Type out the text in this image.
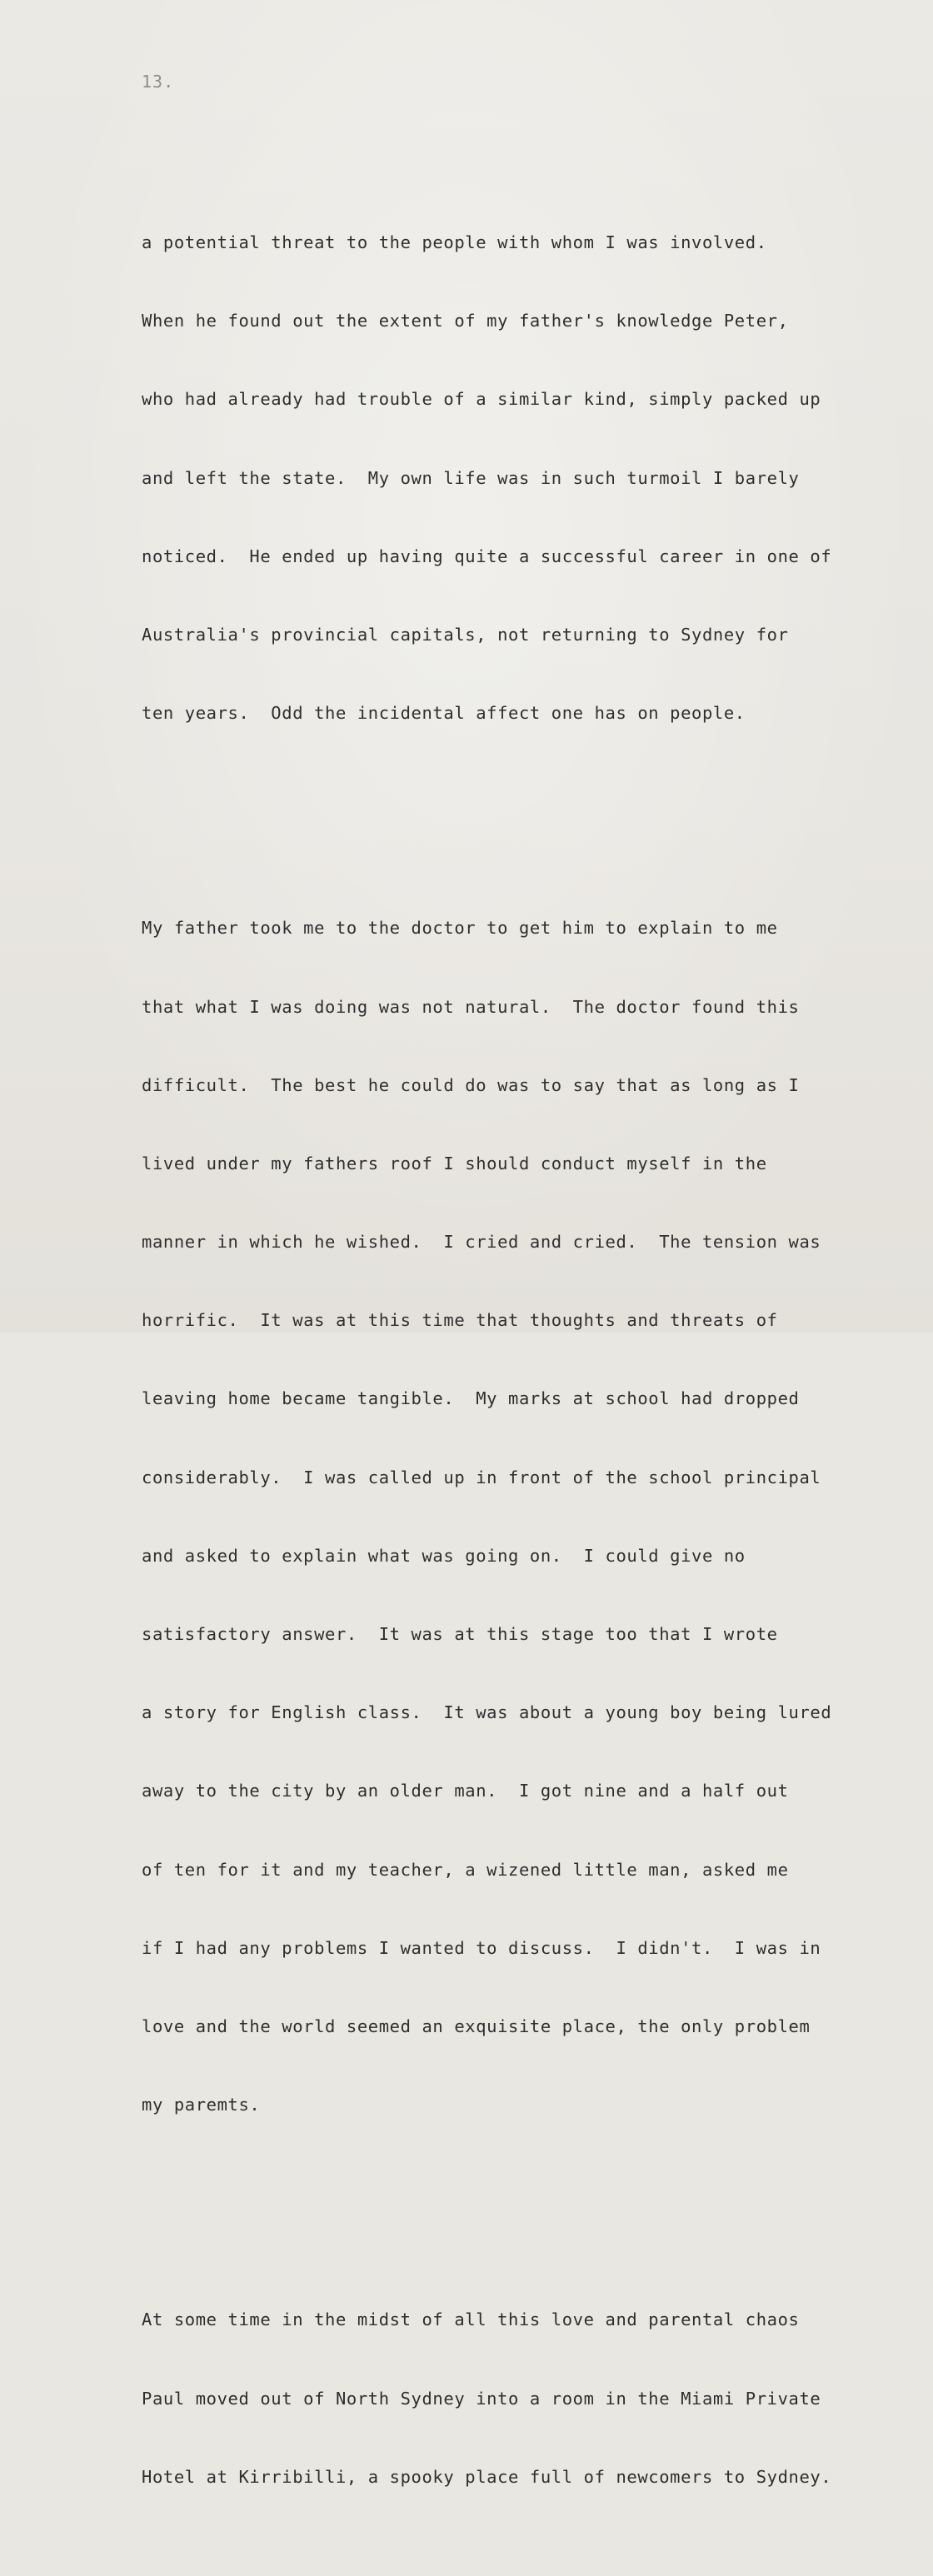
13.

a potential threat to the people with whom I was involved.

When he found out the extent of my father's knowledge Peter,

who had already had trouble of a similar kind, simply packed up

and left the state.  My own life was in such turmoil I barely

noticed.  He ended up having quite a successful career in one of

Australia's provincial capitals, not returning to Sydney for

ten years.  Odd the incidental affect one has on people.

My father took me to the doctor to get him to explain to me

that what I was doing was not natural.  The doctor found this

difficult.  The best he could do was to say that as long as I

lived under my fathers roof I should conduct myself in the

manner in which he wished.  I cried and cried.  The tension was

horrific.  It was at this time that thoughts and threats of

leaving home became tangible.  My marks at school had dropped

considerably.  I was called up in front of the school principal

and asked to explain what was going on.  I could give no

satisfactory answer.  It was at this stage too that I wrote

a story for English class.  It was about a young boy being lured

away to the city by an older man.  I got nine and a half out

of ten for it and my teacher, a wizened little man, asked me

if I had any problems I wanted to discuss.  I didn't.  I was in

love and the world seemed an exquisite place, the only problem

my paremts.

At some time in the midst of all this love and parental chaos

Paul moved out of North Sydney into a room in the Miami Private

Hotel at Kirribilli, a spooky place full of newcomers to Sydney.
